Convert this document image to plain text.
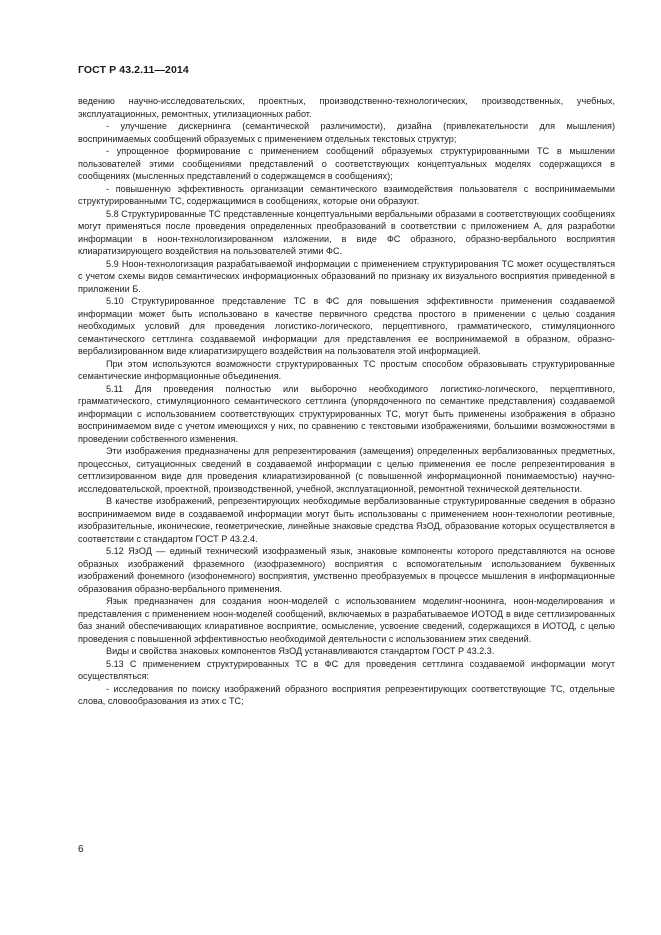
ГОСТ Р 43.2.11—2014

ведению научно-исследовательских, проектных, производственно-технологических, производственных, учебных, эксплуатационных, ремонтных, утилизационных работ.

- улучшение дискернинга (семантической различимости), дизайна (привлекательности для мышления) воспринимаемых сообщений образуемых с применением отдельных текстовых структур;

- упрощенное формирование с применением сообщений образуемых структурированными ТС в мышлении пользователей этими сообщениями представлений о соответствующих концептуальных моделях содержащихся в сообщениях (мысленных представлений о содержащемся в сообщениях);

- повышенную эффективность организации семантического взаимодействия пользователя с воспринимаемыми структурированными ТС, содержащимися в сообщениях, которые они образуют.

5.8 Структурированные ТС представленные концептуальными вербальными образами в соответствующих сообщениях могут применяться после проведения определенных преобразований в соответствии с приложением А, для разработки информации в ноон-технологизированном изложении, в виде ФС образного, образно-вербального восприятия клиаратизирующего воздействия на пользователей этими ФС.

5.9 Ноон-технологизация разрабатываемой информации с применением структурирования ТС может осуществляться с учетом схемы видов семантических информационных образований по признаку их визуального восприятия приведенной в приложении Б.

5.10 Структурированное представление ТС в ФС для повышения эффективности применения создаваемой информации может быть использовано в качестве первичного средства простого в применении с целью создания необходимых условий для проведения логистико-логического, перцептивного, грамматического, стимуляционного семантического сеттлинга создаваемой информации для представления ее воспринимаемой в образном, образно-вербализированном виде клиаратизирущего воздействия на пользователя этой информацией.

При этом используются возможности структурированных ТС простым способом образовывать структурированные семантические информационные объединения.

5.11 Для проведения полностью или выборочно необходимого логистико-логического, перцептивного, грамматического, стимуляционного семантического сеттлинга (упорядоченного по семантике представления) создаваемой информации с использованием соответствующих структурированных ТС, могут быть применены изображения в образно воспринимаемом виде с учетом имеющихся у них, по сравнению с текстовыми изображениями, большими возможностями в проведении собственного изменения.

Эти изображения предназначены для репрезентирования (замещения) определенных вербализованных предметных, процессных, ситуационных сведений в создаваемой информации с целью применения ее после репрезентирования в сеттлизированном виде для проведения клиаратизированной (с повышенной информационной понимаемостью) научно-исследовательской, проектной, производственной, учебной, эксплуатационной, ремонтной технической деятельности.

В качестве изображений, репрезентирующих необходимые вербализованные структурированные сведения в образно воспринимаемом виде в создаваемой информации могут быть использованы с применением ноон-технологии реотивные, изобразительные, иконические, геометрические, линейные знаковые средства ЯзОД, образование которых осуществляется в соответствии с стандартом ГОСТ Р 43.2.4.

5.12 ЯзОД — единый технический изофразменый язык, знаковые компоненты которого представляются на основе образных изображений фраземного (изофраземного) восприятия с вспомогательным использованием буквенных изображений фонемного (изофонемного) восприятия, умственно преобразуемых в процессе мышления в информационные образования образно-вербального применения.

Язык предназначен для создания ноон-моделей с использованием моделинг-ноонинга, ноон-моделирования и представления с применением ноон-моделей сообщений, включаемых в разрабатываемое ИОТОД в виде сеттлизированных баз знаний обеспечивающих клиаративное восприятие, осмысление, усвоение сведений, содержащихся в ИОТОД, с целью проведения с повышенной эффективностью необходимой деятельности с использованием этих сведений.

Виды и свойства знаковых компонентов ЯзОД устанавливаются стандартом ГОСТ Р 43.2.3.

5.13 С применением структурированных ТС в ФС для проведения сеттлинга создаваемой информации могут осуществляться:

- исследования по поиску изображений образного восприятия репрезентирующих соответствующие ТС, отдельные слова, словообразования из этих с ТС;

6
